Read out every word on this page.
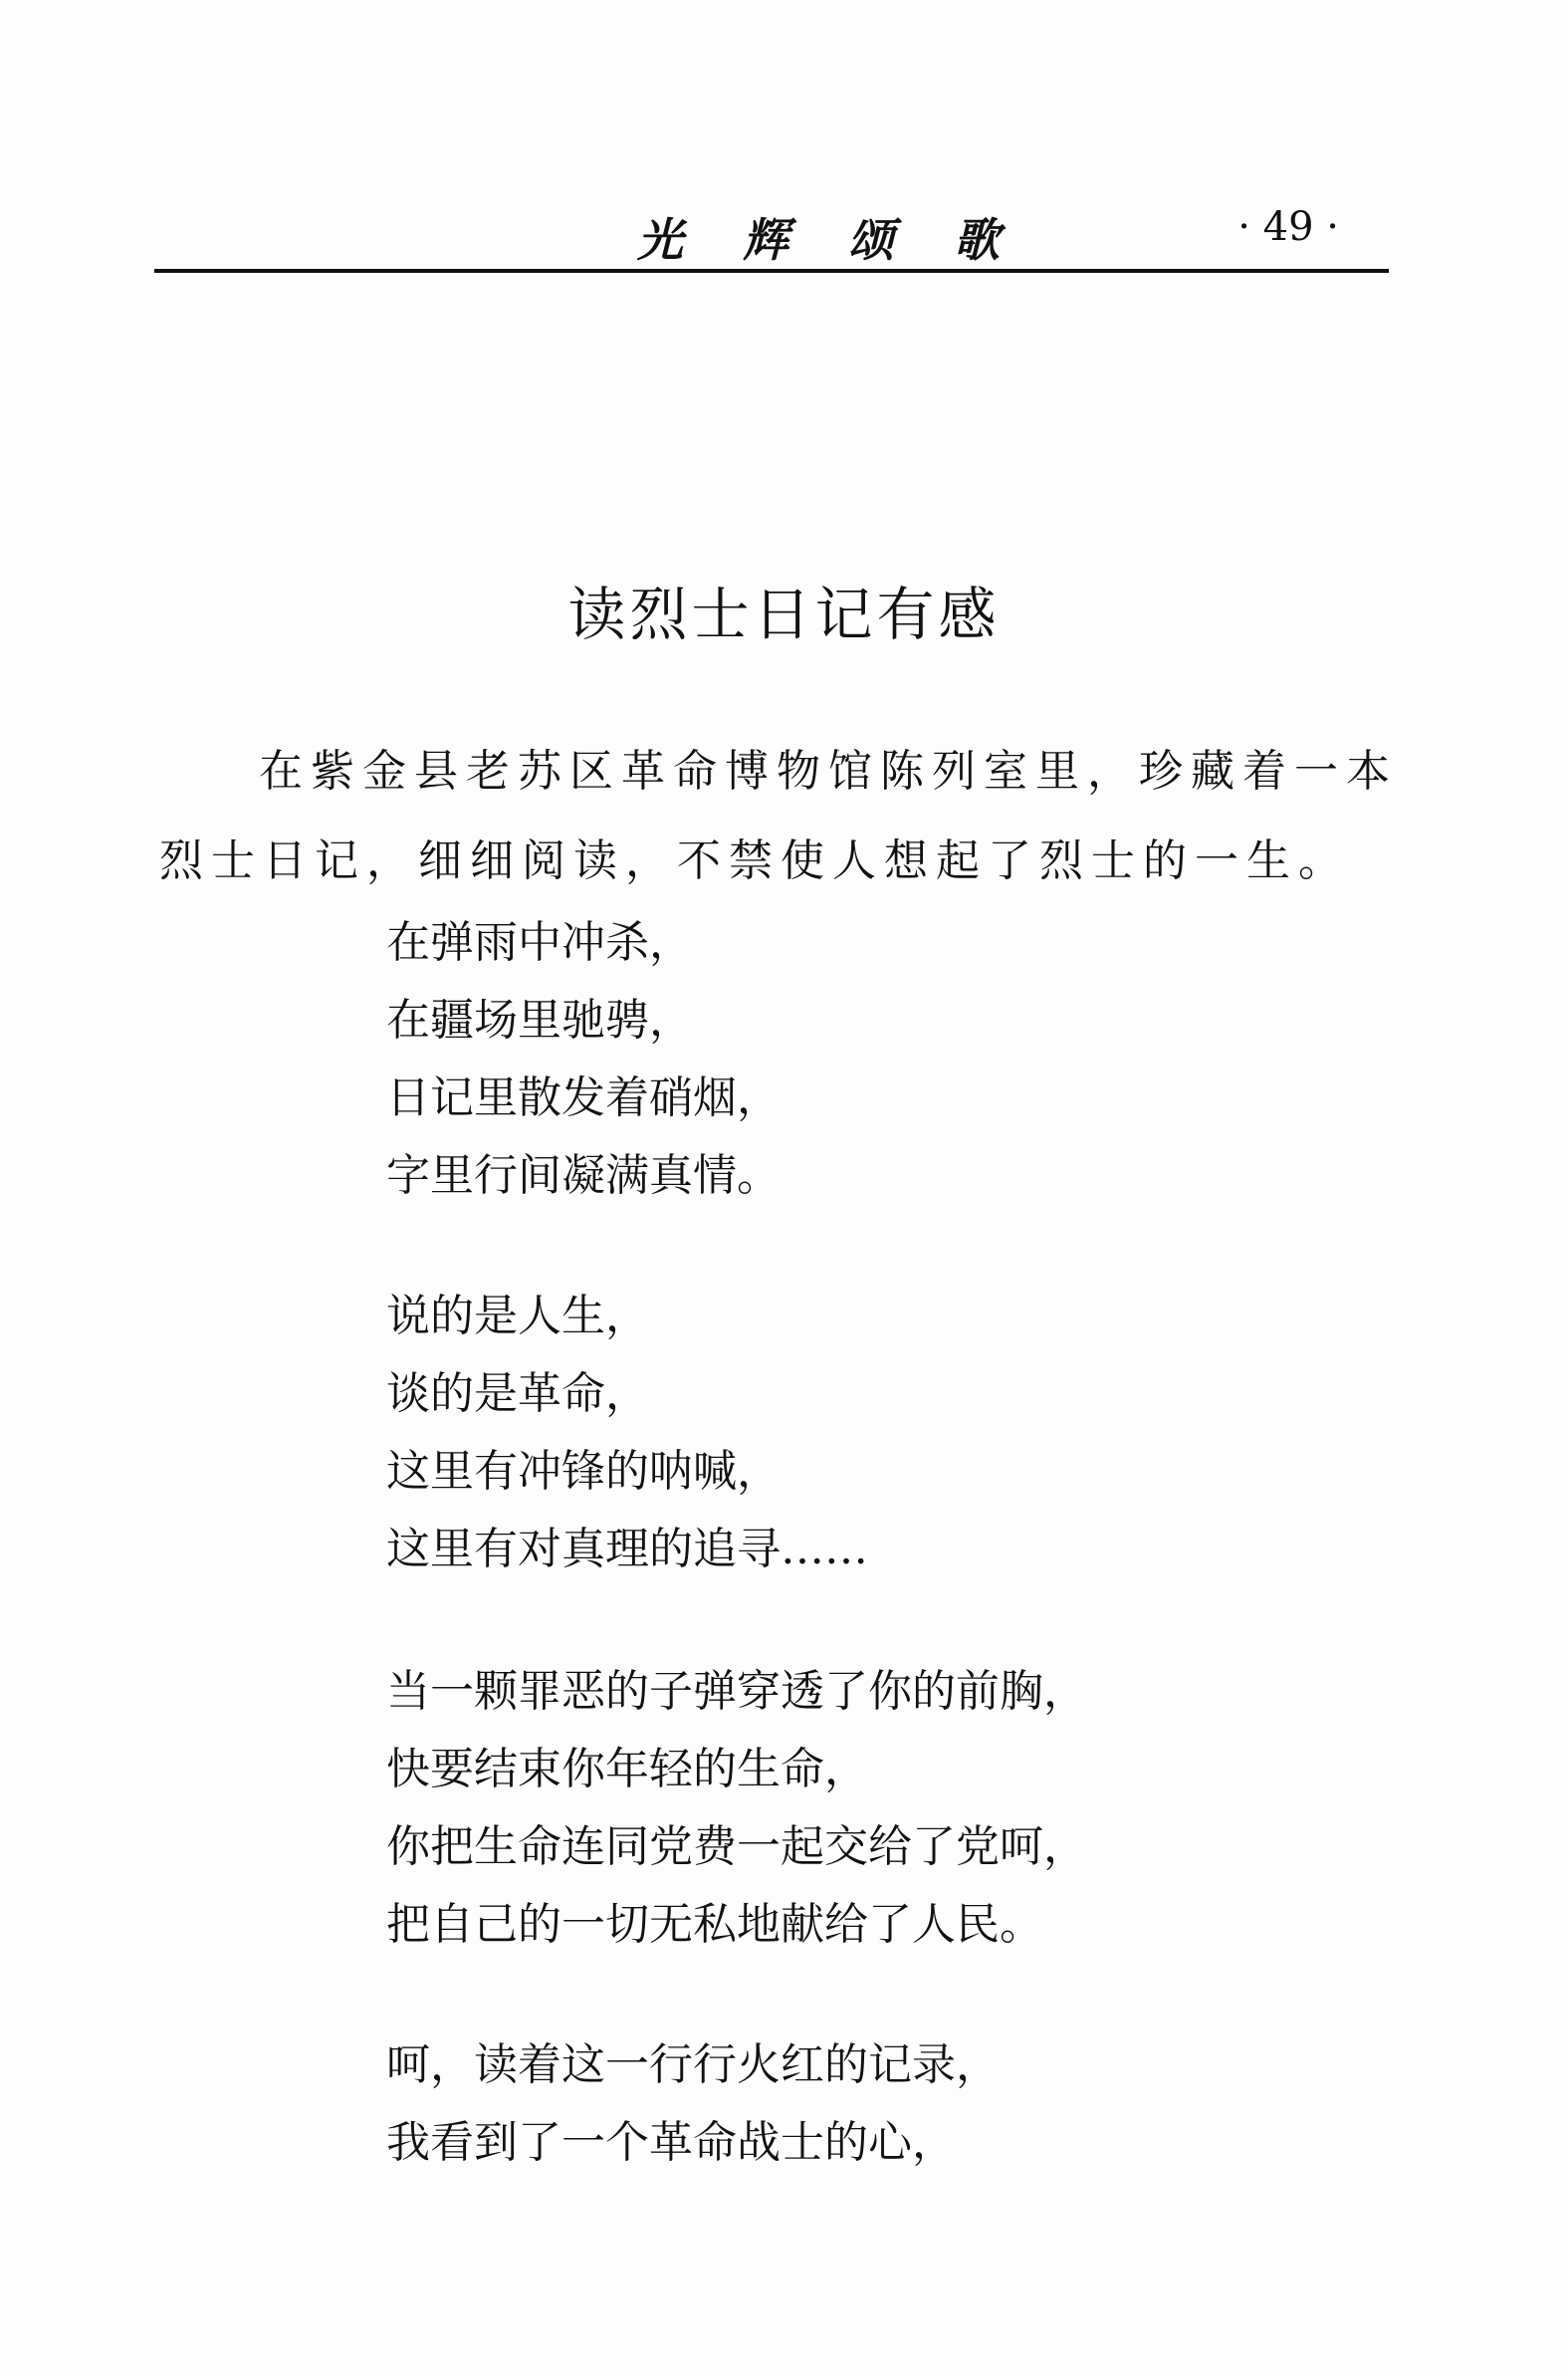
光 辉 颂 歌	· 49 ·
读烈士日记有感
在紫金县老苏区革命博物馆陈列室里，珍藏着一本
烈士日记，细细阅读，不禁使人想起了烈士的一生。
在弹雨中冲杀，
在疆场里驰骋，
日记里散发着硝烟，
字里行间凝满真情。
说的是人生，
谈的是革命，
这里有冲锋的呐喊，
这里有对真理的追寻……
当一颗罪恶的子弹穿透了你的前胸，
快要结束你年轻的生命，
你把生命连同党费一起交给了党呵，
把自己的一切无私地献给了人民。
呵，读着这一行行火红的记录，
我看到了一个革命战士的心，
